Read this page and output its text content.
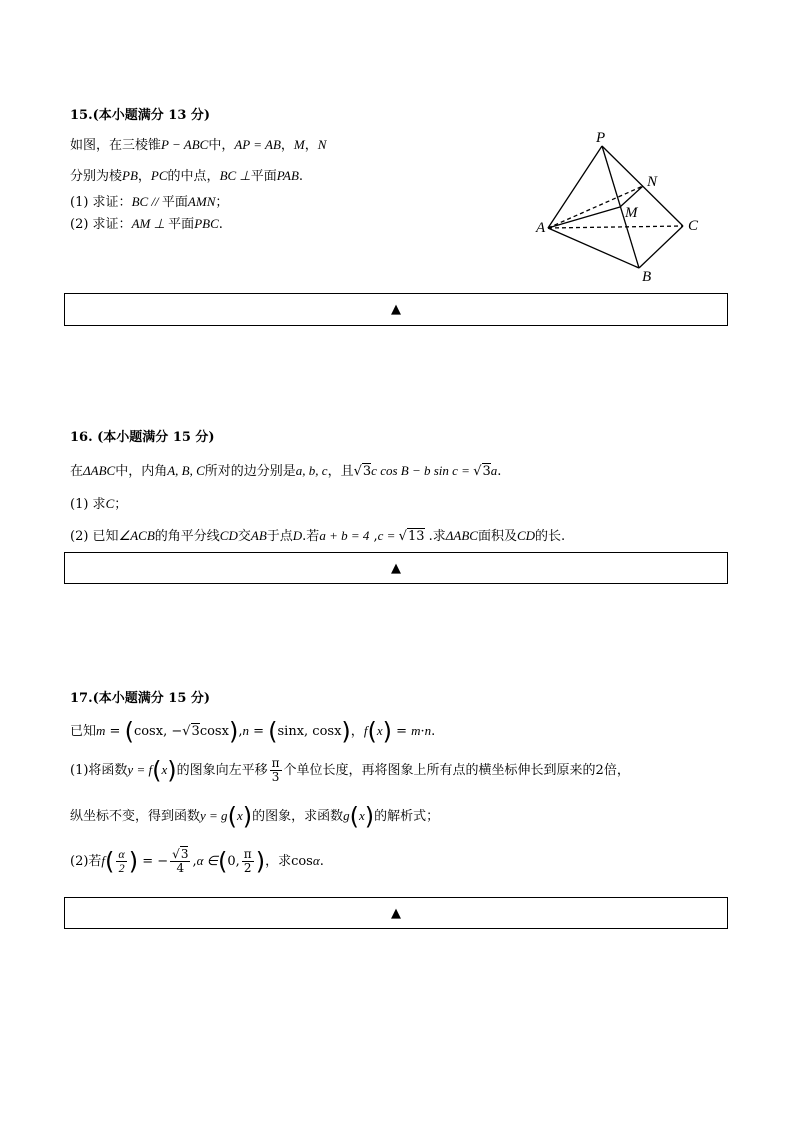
15.(本小题满分 13 分)
如图，在三棱锥P − ABC中，AP = AB，M，N
分别为棱PB，PC的中点，BC ⊥平面PAB.
(1) 求证：BC // 平面AMN；
(2) 求证：AM ⊥ 平面PBC.
P
N
M
A	C
B
▲
16. (本小题满分 15 分)
在ΔABC中，内角A, B, C所对的边分别是a, b, c，且√3c cos B − b sin c = √3a.
(1) 求C；
(2) 已知∠ACB的角平分线CD交AB于点D.若a + b = 4 ,c = √13 .求ΔABC面积及CD的长.
▲
17.(本小题满分 15 分)
已知m = (cosx, −√3cosx),n = (sinx, cosx)，f(x) = m·n.
(1)将函数y = f(x)的图象向左平移 $\frac{\pi}{3}$ 个单位长度，再将图象上所有点的横坐标伸长到原来的2倍，
纵坐标不变，得到函数y = g(x)的图象，求函数g(x)的解析式；
(2)若$f( \frac{\alpha}{2}$ ) = − $\frac{√3}{4} ,\alpha$ ∈(0, $\frac{\pi}{2}$ )，求cosα.
▲
